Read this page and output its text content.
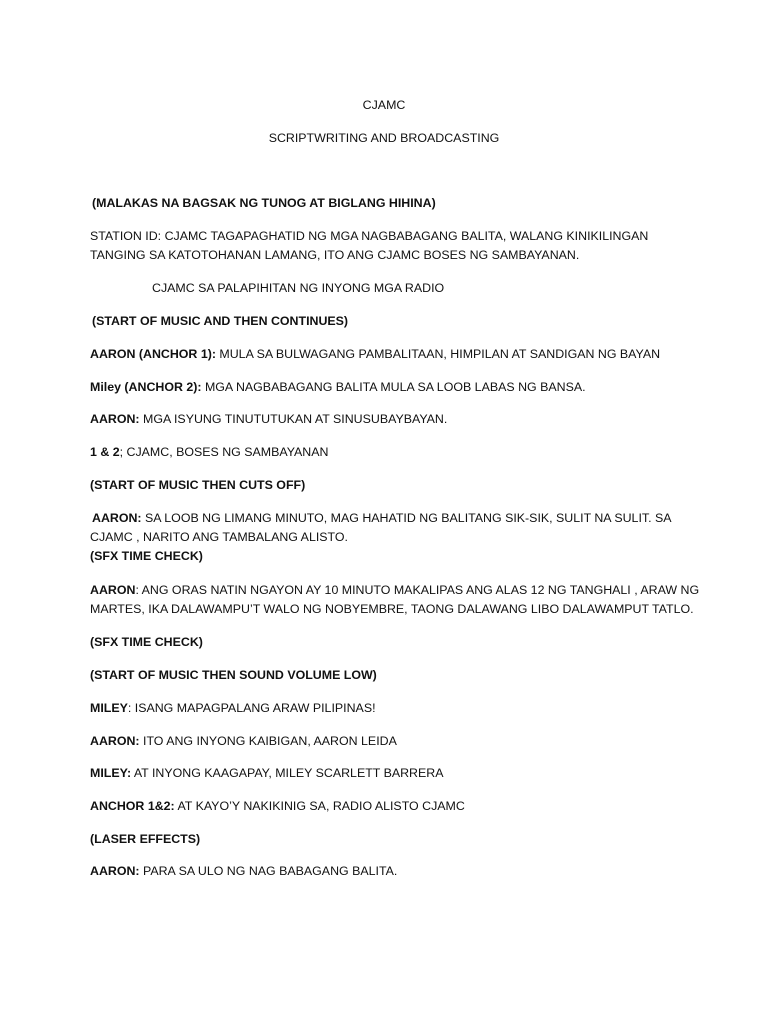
CJAMC
SCRIPTWRITING AND BROADCASTING
(MALAKAS NA BAGSAK NG TUNOG AT BIGLANG HIHINA)
STATION ID: CJAMC TAGAPAGHATID NG MGA NAGBABAGANG BALITA, WALANG KINIKILINGAN
TANGING SA KATOTOHANAN LAMANG, ITO ANG CJAMC BOSES NG SAMBAYANAN.
CJAMC SA PALAPIHITAN NG INYONG MGA RADIO
(START OF MUSIC AND THEN CONTINUES)
AARON (ANCHOR 1): MULA SA BULWAGANG PAMBALITAAN, HIMPILAN AT SANDIGAN NG BAYAN
Miley (ANCHOR 2): MGA NAGBABAGANG BALITA MULA SA LOOB LABAS NG BANSA.
AARON: MGA ISYUNG TINUTUTUKAN AT SINUSUBAYBAYAN.
1 & 2; CJAMC, BOSES NG SAMBAYANAN
(START OF MUSIC THEN CUTS OFF)
AARON: SA LOOB NG LIMANG MINUTO, MAG HAHATID NG BALITANG SIK-SIK, SULIT NA SULIT. SA
CJAMC , NARITO ANG TAMBALANG ALISTO.
(SFX TIME CHECK)
AARON: ANG ORAS NATIN NGAYON AY 10 MINUTO MAKALIPAS ANG ALAS 12 NG TANGHALI , ARAW NG
MARTES, IKA DALAWAMPU’T WALO NG NOBYEMBRE, TAONG DALAWANG LIBO DALAWAMPUT TATLO.
(SFX TIME CHECK)
(START OF MUSIC THEN SOUND VOLUME LOW)
MILEY: ISANG MAPAGPALANG ARAW PILIPINAS!
AARON: ITO ANG INYONG KAIBIGAN, AARON LEIDA
MILEY: AT INYONG KAAGAPAY, MILEY SCARLETT BARRERA
ANCHOR 1&2: AT KAYO’Y NAKIKINIG SA, RADIO ALISTO CJAMC
(LASER EFFECTS)
AARON: PARA SA ULO NG NAG BABAGANG BALITA.
